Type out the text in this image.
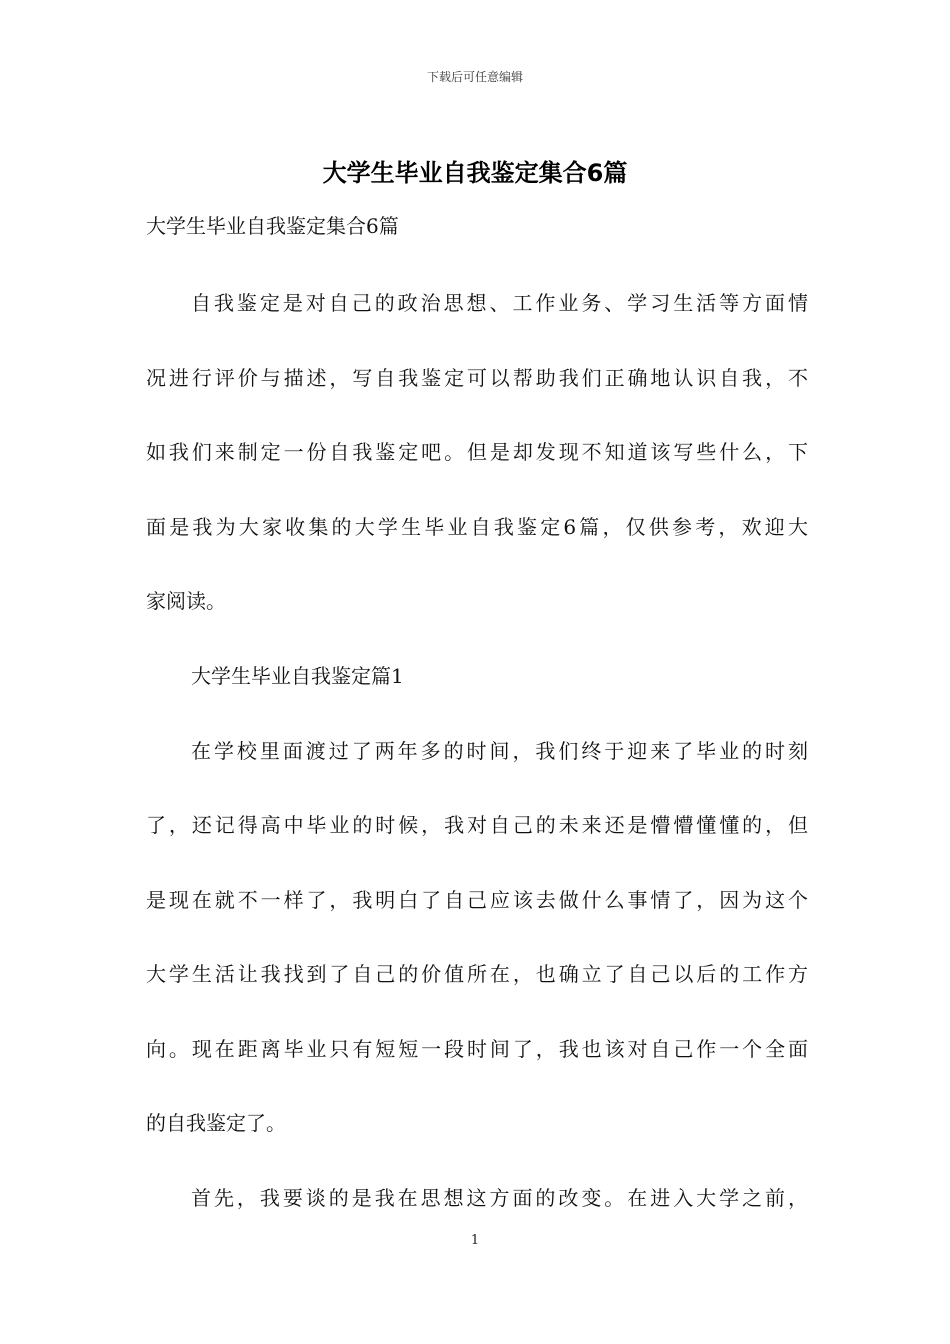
下载后可任意编辑
大学生毕业自我鉴定集合6篇
大学生毕业自我鉴定集合6篇
自我鉴定是对自己的政治思想、工作业务、学习生活等方面情
况进行评价与描述，写自我鉴定可以帮助我们正确地认识自我，不
如我们来制定一份自我鉴定吧。但是却发现不知道该写些什么，下
面是我为大家收集的大学生毕业自我鉴定6篇，仅供参考，欢迎大
家阅读。
大学生毕业自我鉴定篇1
在学校里面渡过了两年多的时间，我们终于迎来了毕业的时刻
了，还记得高中毕业的时候，我对自己的未来还是懵懵懂懂的，但
是现在就不一样了，我明白了自己应该去做什么事情了，因为这个
大学生活让我找到了自己的价值所在，也确立了自己以后的工作方
向。现在距离毕业只有短短一段时间了，我也该对自己作一个全面
的自我鉴定了。
首先，我要谈的是我在思想这方面的改变。在进入大学之前，
1
